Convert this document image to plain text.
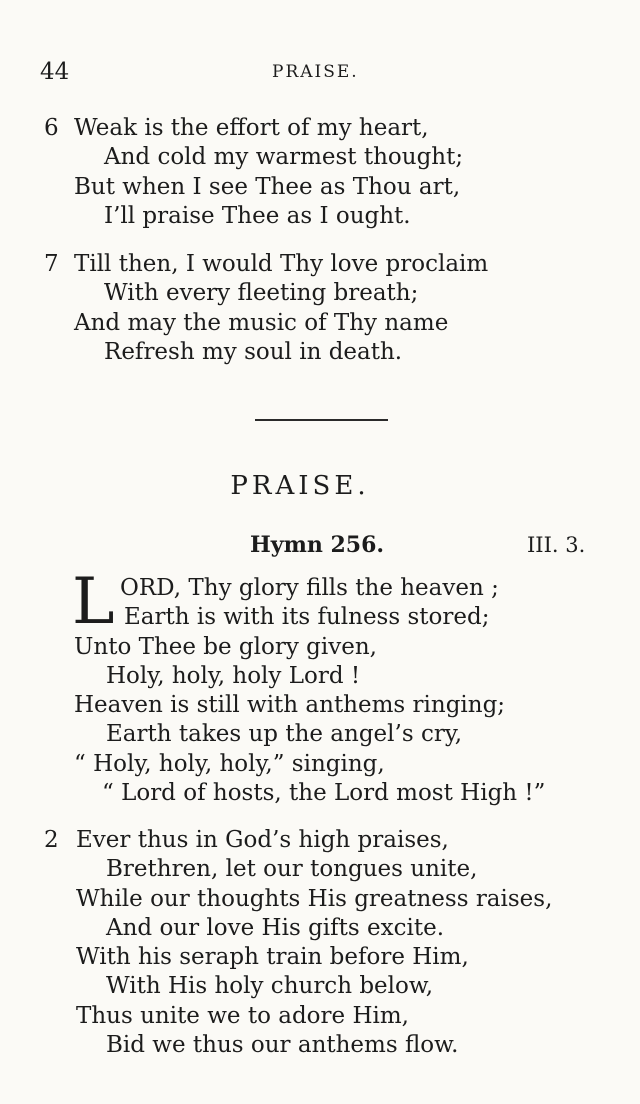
44	PRAISE.
6 Weak is the effort of my heart,
And cold my warmest thought;
But when I see Thee as Thou art,
I’ll praise Thee as I ought.
7 Till then, I would Thy love proclaim
With every fleeting breath;
And may the music of Thy name
Refresh my soul in death.
PRAISE.
Hymn 256.	III. 3.
L ORD, Thy glory fills the heaven ;
Earth is with its fulness stored;
Unto Thee be glory given,
Holy, holy, holy Lord !
Heaven is still with anthems ringing;
Earth takes up the angel’s cry,
“ Holy, holy, holy,” singing,
“ Lord of hosts, the Lord most High !”
2 Ever thus in God’s high praises,
Brethren, let our tongues unite,
While our thoughts His greatness raises,
And our love His gifts excite.
With his seraph train before Him,
With His holy church below,
Thus unite we to adore Him,
Bid we thus our anthems flow.
